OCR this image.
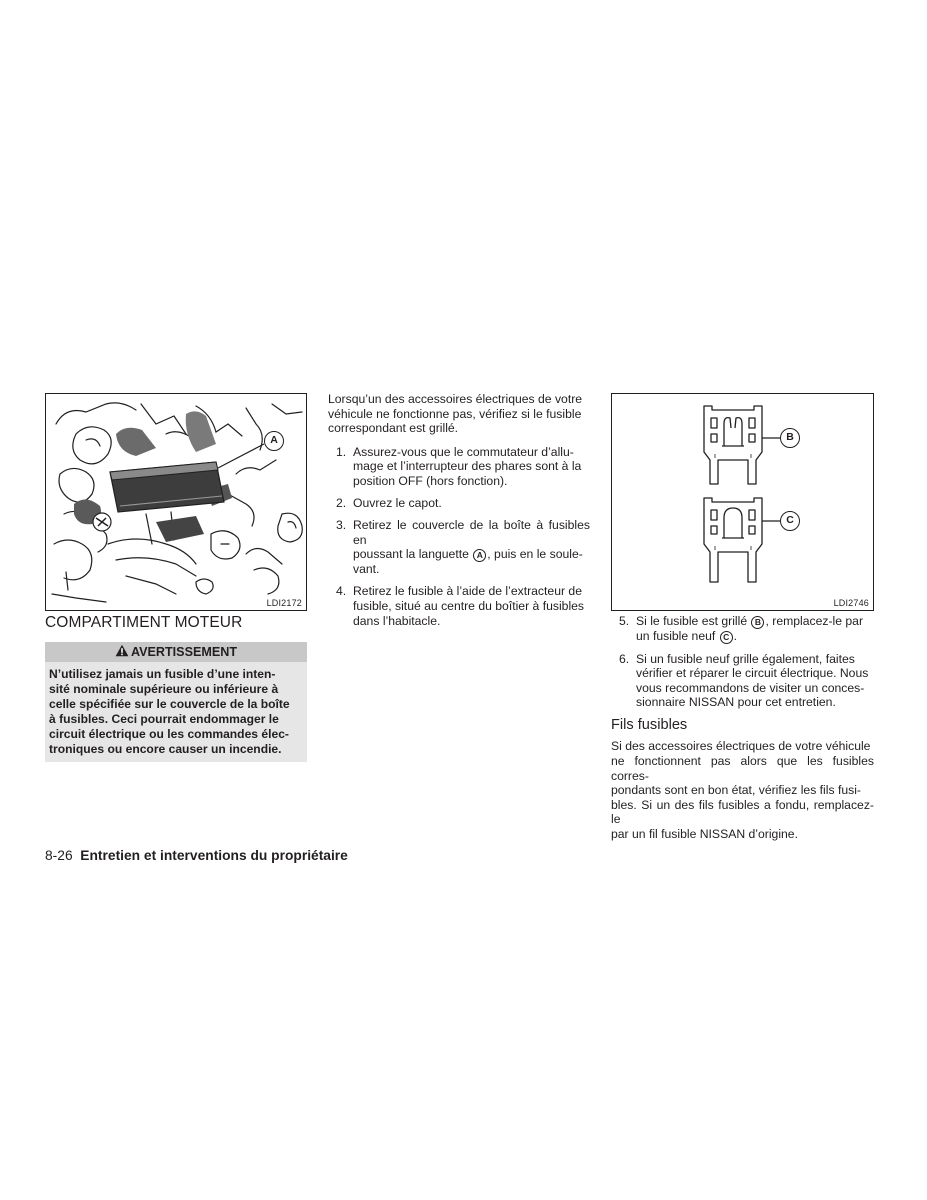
A
LDI2172
COMPARTIMENT MOTEUR
AVERTISSEMENT
N’utilisez jamais un fusible d’une inten-
sité nominale supérieure ou inférieure à
celle spécifiée sur le couvercle de la boîte
à fusibles. Ceci pourrait endommager le
circuit électrique ou les commandes élec-
troniques ou encore causer un incendie.
Lorsqu’un des accessoires électriques de votre
véhicule ne fonctionne pas, vérifiez si le fusible
correspondant est grillé.
1. Assurez-vous que le commutateur d’allu-
mage et l’interrupteur des phares sont à la
position OFF (hors fonction).
2. Ouvrez le capot.
3. Retirez le couvercle de la boîte à fusibles en
poussant la languette A , puis en le soule-
vant.
4. Retirez le fusible à l’aide de l’extracteur de
fusible, situé au centre du boîtier à fusibles
dans l’habitacle.
B
C
LDI2746
5. Si le fusible est grillé B , remplacez-le par
un fusible neuf C .
6. Si un fusible neuf grille également, faites
vérifier et réparer le circuit électrique. Nous
vous recommandons de visiter un conces-
sionnaire NISSAN pour cet entretien.
Fils fusibles
Si des accessoires électriques de votre véhicule
ne fonctionnent pas alors que les fusibles corres-
pondants sont en bon état, vérifiez les fils fusi-
bles. Si un des fils fusibles a fondu, remplacez-le
par un fil fusible NISSAN d’origine.
8-26 Entretien et interventions du propriétaire
